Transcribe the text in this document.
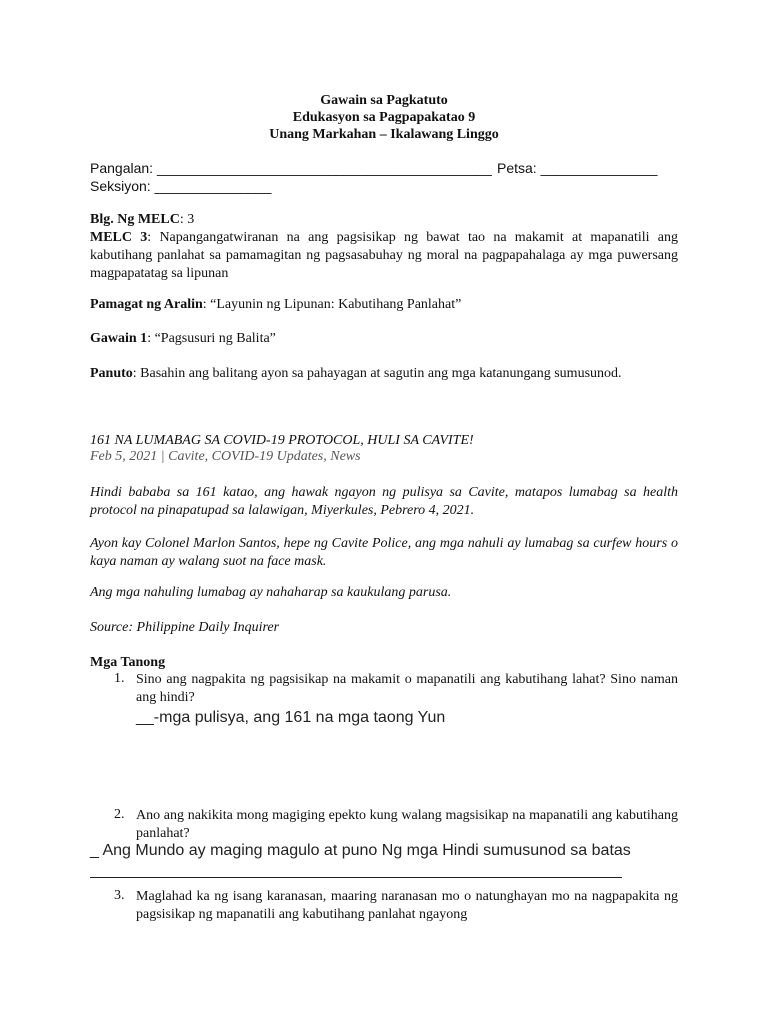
Gawain sa Pagkatuto
Edukasyon sa Pagpapakatao 9
Unang Markahan – Ikalawang Linggo
Pangalan: ___________________________________________ Petsa: _______________
Seksiyon: _______________
Blg. Ng MELC: 3
MELC 3: Napangangatwiranan na ang pagsisikap ng bawat tao na makamit at mapanatili ang kabutihang panlahat sa pamamagitan ng pagsasabuhay ng moral na pagpapahalaga ay mga puwersang magpapatatag sa lipunan
Pamagat ng Aralin: “Layunin ng Lipunan: Kabutihang Panlahat”
Gawain 1: “Pagsusuri ng Balita”
Panuto: Basahin ang balitang ayon sa pahayagan at sagutin ang mga katanungang sumusunod.
161 NA LUMABAG SA COVID-19 PROTOCOL, HULI SA CAVITE!
Feb 5, 2021 | Cavite, COVID-19 Updates, News
Hindi bababa sa 161 katao, ang hawak ngayon ng pulisya sa Cavite, matapos lumabag sa health protocol na pinapatupad sa lalawigan, Miyerkules, Pebrero 4, 2021.
Ayon kay Colonel Marlon Santos, hepe ng Cavite Police, ang mga nahuli ay lumabag sa curfew hours o kaya naman ay walang suot na face mask.
Ang mga nahuling lumabag ay nahaharap sa kaukulang parusa.
Source: Philippine Daily Inquirer
Mga Tanong
1. Sino ang nagpakita ng pagsisikap na makamit o mapanatili ang kabutihang lahat? Sino naman ang hindi?
__-mga pulisya, ang 161 na mga taong Yun
2. Ano ang nakikita mong magiging epekto kung walang magsisikap na mapanatili ang kabutihang panlahat?
_ Ang Mundo ay maging magulo at puno Ng mga Hindi sumusunod sa batas
3. Maglahad ka ng isang karanasan, maaring naranasan mo o natunghayan mo na nagpapakita ng pagsisikap ng mapanatili ang kabutihang panlahat ngayong
